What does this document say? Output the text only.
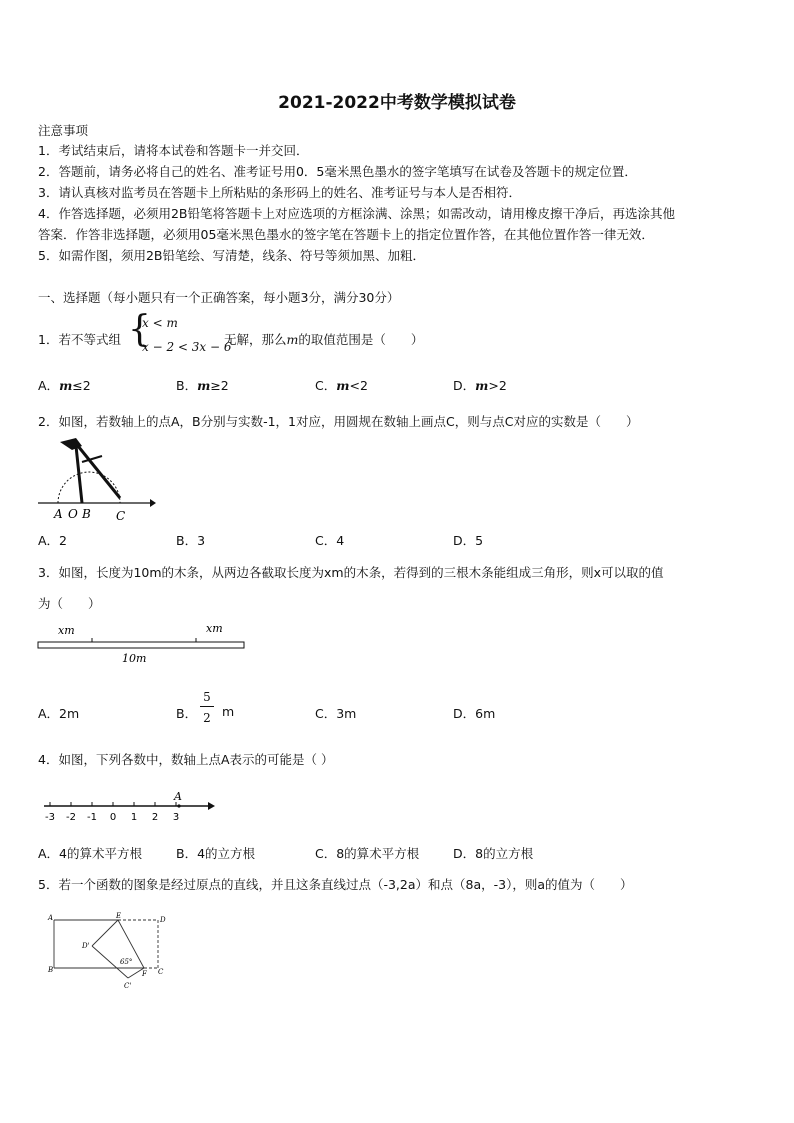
2021-2022中考数学模拟试卷
注意事项
1．考试结束后，请将本试卷和答题卡一并交回．
2．答题前，请务必将自己的姓名、准考证号用0．5毫米黑色墨水的签字笔填写在试卷及答题卡的规定位置．
3．请认真核对监考员在答题卡上所粘贴的条形码上的姓名、准考证号与本人是否相符．
4．作答选择题，必须用2B铅笔将答题卡上对应选项的方框涂满、涂黑；如需改动，请用橡皮擦干净后，再选涂其他
答案．作答非选择题，必须用05毫米黑色墨水的签字笔在答题卡上的指定位置作答，在其他位置作答一律无效．
5．如需作图，须用2B铅笔绘、写清楚，线条、符号等须加黑、加粗．
一、选择题（每小题只有一个正确答案，每小题3分，满分30分）
1．若不等式组 {
x < m
x − 2 < 3x − 6
无解，那么m的取值范围是（　　）
A．m≤2	B．m≥2	C．m<2	D．m>2
2．如图，若数轴上的点A，B分别与实数-1，1对应，用圆规在数轴上画点C，则与点C对应的实数是（　　）
A O B C
A．2	B．3	C．4	D．5
3．如图，长度为10m的木条，从两边各截取长度为xm的木条，若得到的三根木条能组成三角形，则x可以取的值
为（　　）
xm	xm
10m
A．2m	B．
5
2 m	C．3m	D．6m
4．如图，下列各数中，数轴上点A表示的可能是（ ）
-3 -2 -1 0 1 2 3
A
A．4的算术平方根	B．4的立方根	C．8的算术平方根	D．8的立方根
5．若一个函数的图象是经过原点的直线，并且这条直线过点（-3,2a）和点（8a，-3），则a的值为（　　）
A	E	D
D'
65°
B	F C
C'
